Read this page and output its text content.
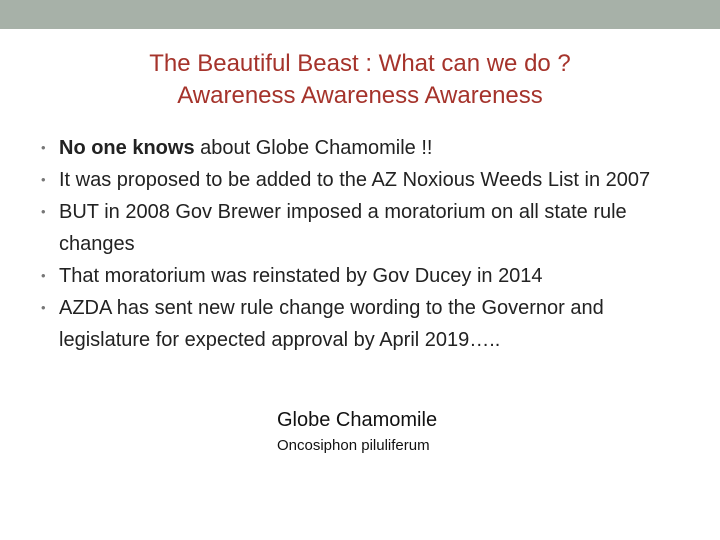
The Beautiful Beast : What can we do ?
Awareness Awareness Awareness
• No one knows about Globe Chamomile !!
• It was proposed to be added to the AZ Noxious Weeds List in 2007
• BUT in 2008 Gov Brewer imposed a moratorium on all state rule changes
• That moratorium was reinstated by Gov Ducey in 2014
• AZDA has sent new rule change wording to the Governor and legislature for expected approval by April 2019…..
Globe Chamomile
Oncosiphon piluliferum
